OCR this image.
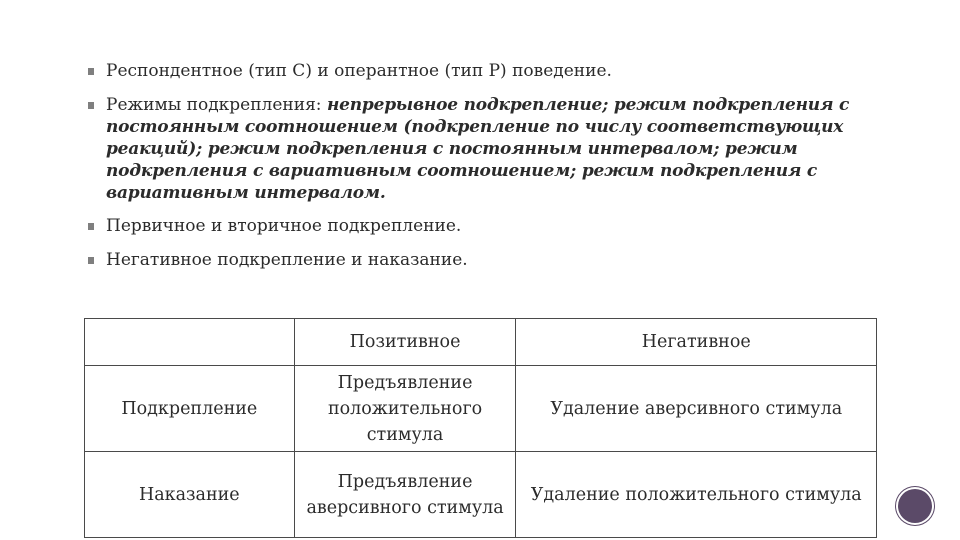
Респондентное (тип С) и оперантное (тип Р) поведение.
Режимы подкрепления: непрерывное подкрепление; режим подкрепления с постоянным соотношением (подкрепление по числу соответствующих реакций); режим подкрепления с постоянным интервалом; режим подкрепления с вариативным соотношением; режим подкрепления с вариативным интервалом.
Первичное и вторичное подкрепление.
Негативное подкрепление и наказание.
	Позитивное	Негативное
Подкрепление	Предъявление положительного стимула	Удаление аверсивного стимула
Наказание	Предъявление аверсивного стимула	Удаление положительного стимула
